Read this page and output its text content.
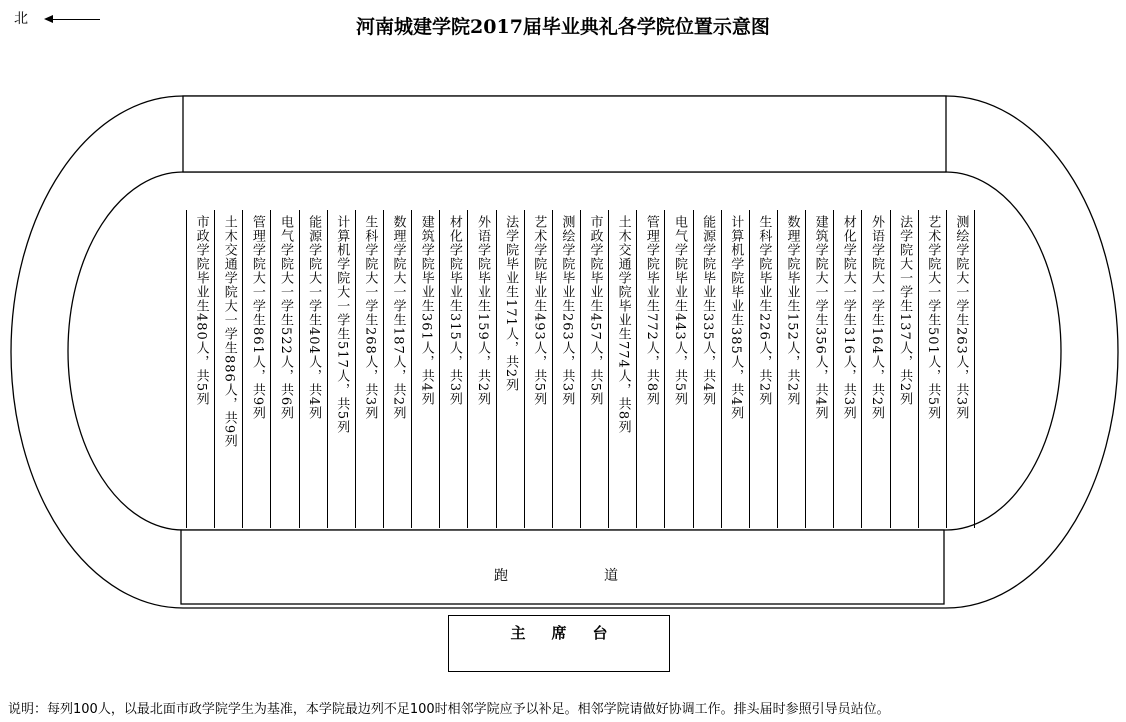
北	河南城建学院2017届毕业典礼各学院位置示意图
市政学院毕业生480人，共5列 土木交通学院大一学生886人，共9列 管理学院大一学生861人，共9列 电气学院大一学生522人，共6列 能源学院大一学生404人，共4列 计算机学院大一学生517人，共5列 生科学院大一学生268人，共3列 数理学院大一学生187人，共2列 建筑学院毕业生361人，共4列 材化学院毕业生315人，共3列 外语学院毕业生159人，共2列 法学院毕业生171人，共2列 艺术学院毕业生493人，共5列 测绘学院毕业生263人，共3列 市政学院毕业生457人，共5列 土木交通学院毕业生774人，共8列 管理学院毕业生772人，共8列 电气学院毕业生443人，共5列 能源学院毕业生335人，共4列 计算机学院毕业生385人，共4列 生科学院毕业生226人，共2列 数理学院毕业生152人，共2列 建筑学院大一学生356人，共4列 材化学院大一学生316人，共3列 外语学院大一学生164人，共2列 法学院大一学生137人，共2列 艺术学院大一学生501人，共5列 测绘学院大一学生263人，共3列
跑	道
主席台
说明：每列100人，以最北面市政学院学生为基准，本学院最边列不足100时相邻学院应予以补足。相邻学院请做好协调工作。排头届时参照引导员站位。
